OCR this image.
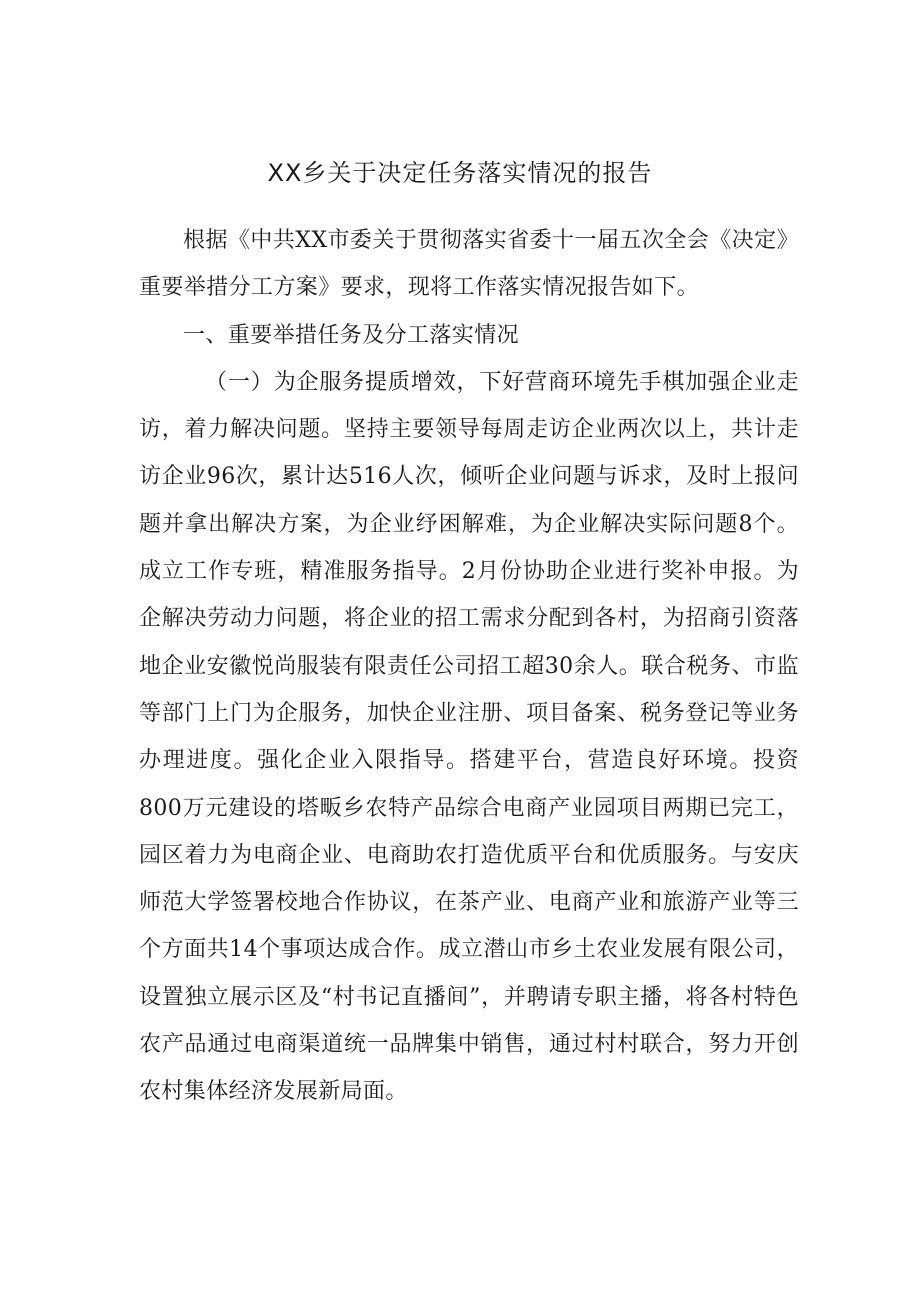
XX乡关于决定任务落实情况的报告

根据《中共XX市委关于贯彻落实省委十一届五次全会《决定》重要举措分工方案》要求，现将工作落实情况报告如下。

一、重要举措任务及分工落实情况

（一）为企服务提质增效，下好营商环境先手棋加强企业走访，着力解决问题。坚持主要领导每周走访企业两次以上，共计走访企业96次，累计达516人次，倾听企业问题与诉求，及时上报问题并拿出解决方案，为企业纾困解难，为企业解决实际问题8个。成立工作专班，精准服务指导。2月份协助企业进行奖补申报。为企解决劳动力问题，将企业的招工需求分配到各村，为招商引资落地企业安徽悦尚服装有限责任公司招工超30余人。联合税务、市监等部门上门为企服务，加快企业注册、项目备案、税务登记等业务办理进度。强化企业入限指导。搭建平台，营造良好环境。投资800万元建设的塔畈乡农特产品综合电商产业园项目两期已完工，园区着力为电商企业、电商助农打造优质平台和优质服务。与安庆师范大学签署校地合作协议，在茶产业、电商产业和旅游产业等三个方面共14个事项达成合作。成立潜山市乡土农业发展有限公司，设置独立展示区及“村书记直播间”，并聘请专职主播，将各村特色农产品通过电商渠道统一品牌集中销售，通过村村联合，努力开创农村集体经济发展新局面。
